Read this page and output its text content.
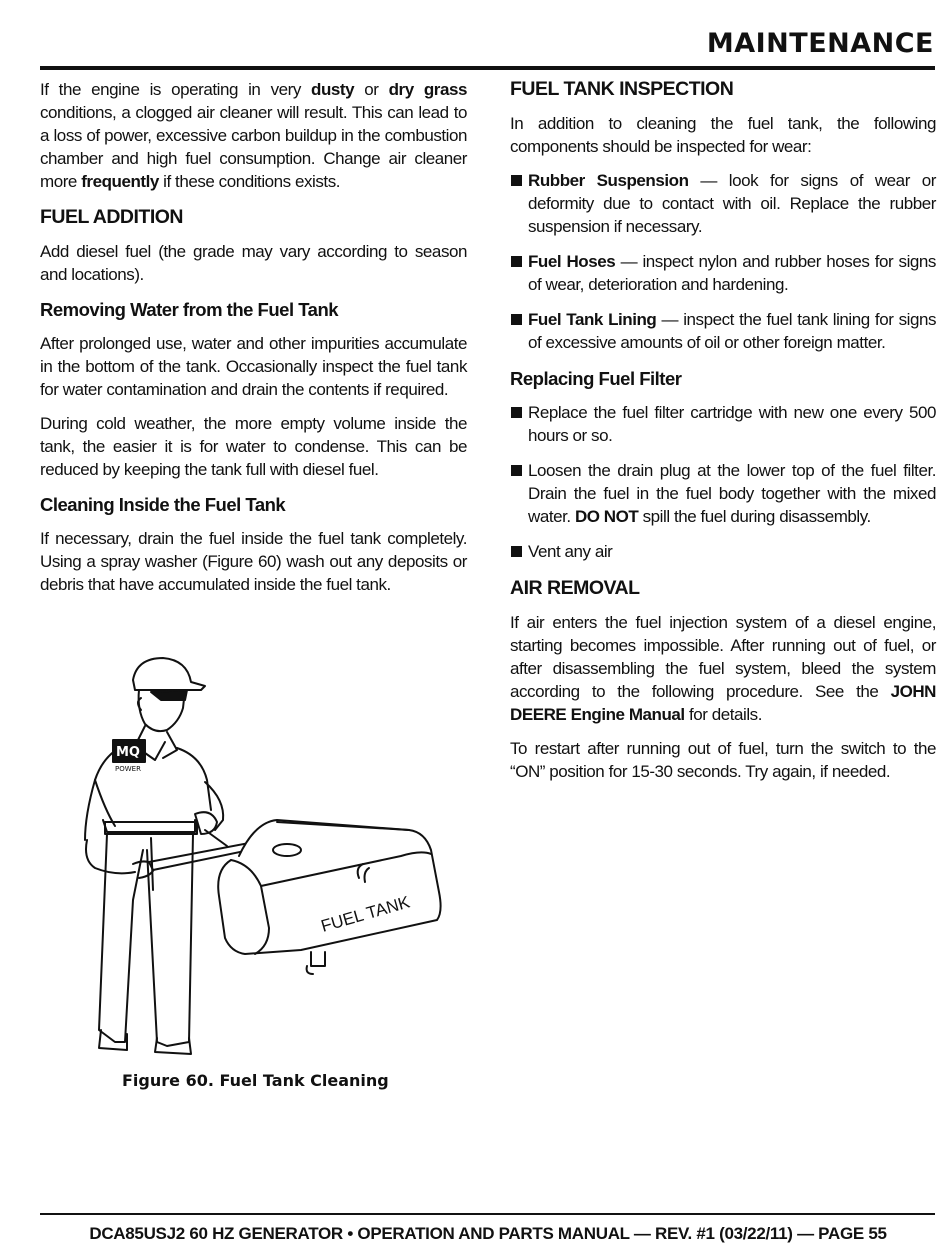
MAINTENANCE

If the engine is operating in very dusty or dry grass conditions, a clogged air cleaner will result. This can lead to a loss of power, excessive carbon buildup in the combustion chamber and high fuel consumption. Change air cleaner more frequently if these conditions exists.

FUEL ADDITION

Add diesel fuel (the grade may vary according to season and locations).

Removing Water from the Fuel Tank

After prolonged use, water and other impurities accumulate in the bottom of the tank. Occasionally inspect the fuel tank for water contamination and drain the contents if required.

During cold weather, the more empty volume inside the tank, the easier it is for water to condense. This can be reduced by keeping the tank full with diesel fuel.

Cleaning Inside the Fuel Tank

If necessary, drain the fuel inside the fuel tank completely. Using a spray washer (Figure 60) wash out any deposits or debris that have accumulated inside the fuel tank.

MQ
POWER
FUEL TANK
Figure 60. Fuel Tank Cleaning
FUEL TANK INSPECTION

In addition to cleaning the fuel tank, the following components should be inspected for wear:

Rubber Suspension — look for signs of wear or deformity due to contact with oil. Replace the rubber suspension if necessary.
Fuel Hoses — inspect nylon and rubber hoses for signs of wear, deterioration and hardening.
Fuel Tank Lining — inspect the fuel tank lining for signs of excessive amounts of oil or other foreign matter.
Replacing Fuel Filter
Replace the fuel filter cartridge with new one every 500 hours or so.
Loosen the drain plug at the lower top of the fuel filter. Drain the fuel in the fuel body together with the mixed water. DO NOT spill the fuel during disassembly.
Vent any air
AIR REMOVAL

If air enters the fuel injection system of a diesel engine, starting becomes impossible. After running out of fuel, or after disassembling the fuel system, bleed the system according to the following procedure. See the JOHN DEERE Engine Manual for details.

To restart after running out of fuel, turn the switch to the “ON” position for 15-30 seconds. Try again, if needed.

DCA85USJ2 60 HZ GENERATOR • OPERATION AND PARTS MANUAL — REV. #1 (03/22/11) — PAGE 55
